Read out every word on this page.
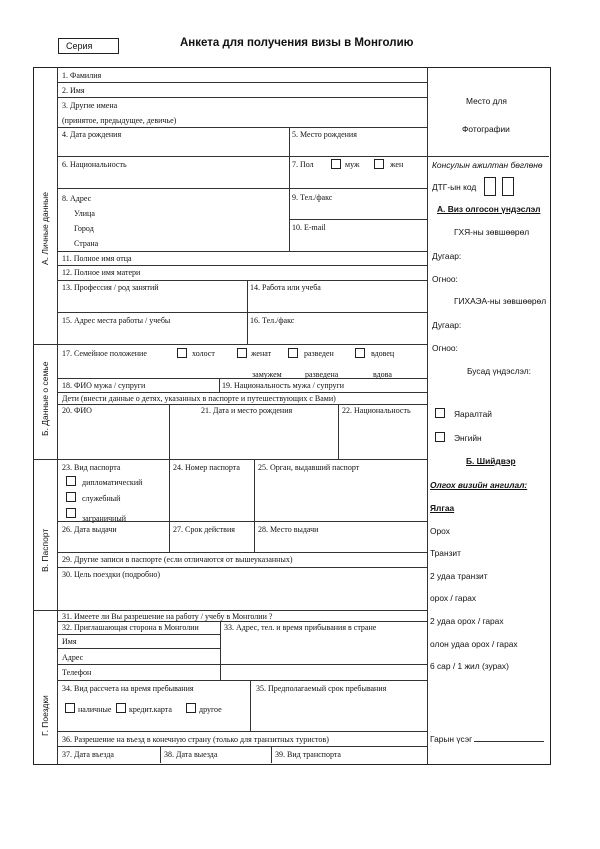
Серия	Анкета для получения визы в Монголию
А. Личные данные
Б. Данные о семье
В. Паспорт
Г. Поездки
1. Фамилия
2. Имя
3. Другие имена
(принятое, предыдущее, девичье)
4. Дата рождения	5. Место рождения
6. Национальность	7. Пол	муж	жен
8. Адрес
Улица
Город
Страна
9. Тел./факс
10. E-mail
11. Полное имя отца
12. Полное имя матери
13. Профессия / род занятий	14. Работа или учеба
15. Адрес места работы / учебы	16. Тел./факс
17. Семейное положение	холост	женат	разведен	вдовец
замужем	разведена	вдова
18. ФИО мужа / супруги	19. Национальность мужа / супруги
Дети (внести данные о детях, указанных в паспорте и путешествующих с Вами)
20. ФИО	21. Дата и место рождения	22. Национальность
23. Вид паспорта
дипломатический
служебный
заграничный
24. Номер паспорта 25. Орган, выдавший паспорт
26. Дата выдачи	27. Срок действия	28. Место выдачи
29. Другие записи в паспорте (если отличаются от вышеуказанных)
30. Цель поездки (подробно)
31. Имеете ли Вы разрешение на работу / учебу в Монголии ?
32. Приглашающая сторона в Монголии
Имя
Адрес
Телефон
33. Адрес, тел. и время прибывания в стране
34. Вид рассчета на время пребывания
наличные кредит.карта	другое
35. Предполагаемый срок пребывания
36. Разрешение на въезд в конечную страну (только для транзитных туристов)
37. Дата въезда	38. Дата выезда	39. Вид транспорта
Место для
Фотографии
Консулын ажилтан бөглөнө
ДТГ-ын код
А. Виз олгосон үндэслэл
ГХЯ-ны зөвшөөрөл
Дугаар:
Огноо:
ГИХАЭА-ны зөвшөөрөл
Дугаар:
Огноо:
Бусад үндэслэл:
Яаралтай
Энгийн
Б. Шийдвэр
Олгох визийн ангилал:
Ялгаа
Орох
Транзит
2 удаа транзит
орох / гарах
2 удаа орох / гарах
олон удаа орох / гарах
6 сар / 1 жил (зурах)
Гарын үсэг
